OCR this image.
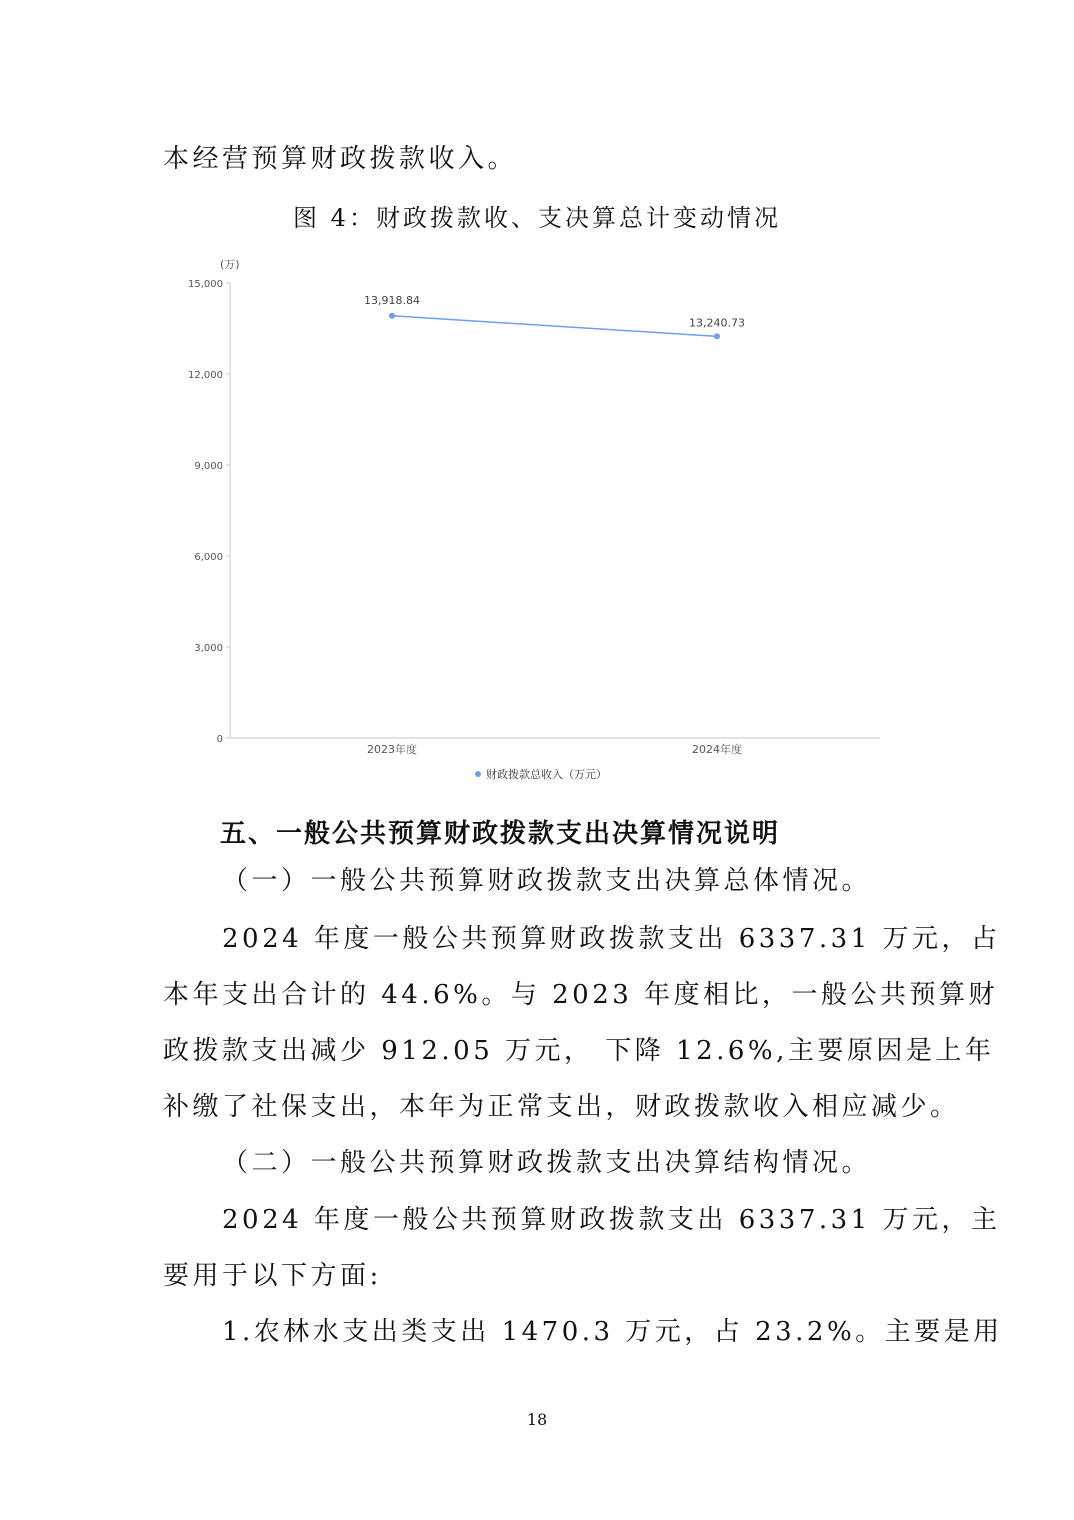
本经营预算财政拨款收入。
图 4：财政拨款收、支决算总计变动情况
(万)
0
3,000
6,000
9,000
12,000
15,000
2023年度	2024年度
13,918.84
13,240.73
财政拨款总收入（万元）
五、一般公共预算财政拨款支出决算情况说明
（一）一般公共预算财政拨款支出决算总体情况。
2024 年度一般公共预算财政拨款支出 6337.31 万元，占
本年支出合计的 44.6%。与 2023 年度相比，一般公共预算财
政拨款支出减少 912.05 万元， 下降 12.6%,主要原因是上年
补缴了社保支出，本年为正常支出，财政拨款收入相应减少。
（二）一般公共预算财政拨款支出决算结构情况。
2024 年度一般公共预算财政拨款支出 6337.31 万元，主
要用于以下方面:
1.农林水支出类支出 1470.3 万元，占 23.2%。主要是用
18
